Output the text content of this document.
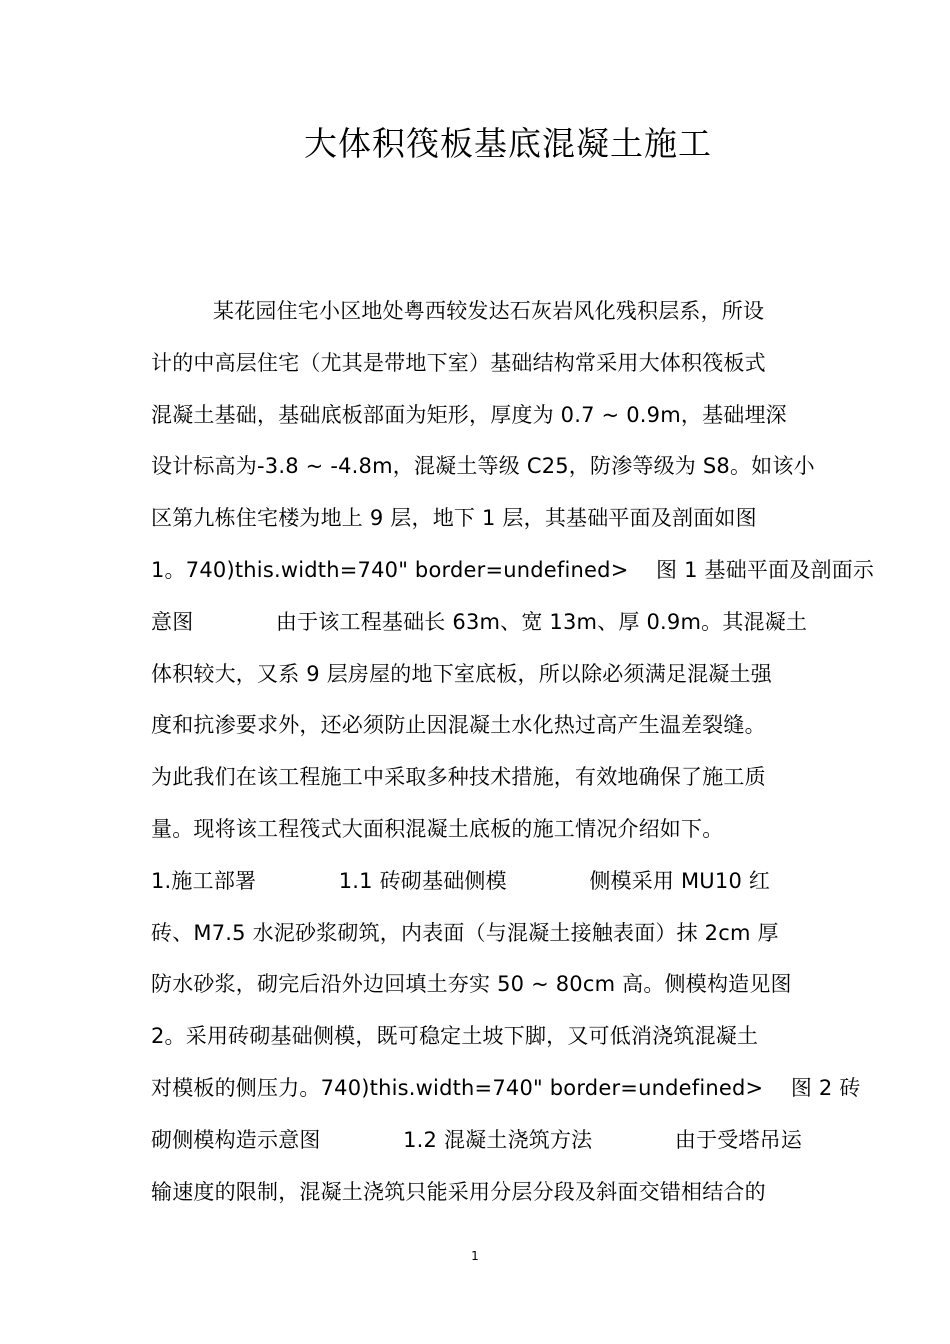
大体积筏板基底混凝土施工
某花园住宅小区地处粤西较发达石灰岩风化残积层系，所设
计的中高层住宅（尤其是带地下室）基础结构常采用大体积筏板式
混凝土基础，基础底板部面为矩形，厚度为 0.7 ~ 0.9m，基础埋深
设计标高为-3.8 ~ -4.8m，混凝土等级 C25，防渗等级为 S8。如该小
区第九栋住宅楼为地上 9 层，地下 1 层，其基础平面及剖面如图
1。740)this.width=740" border=undefined>    图 1 基础平面及剖面示
意图            由于该工程基础长 63m、宽 13m、厚 0.9m。其混凝土
体积较大，又系 9 层房屋的地下室底板，所以除必须满足混凝土强
度和抗渗要求外，还必须防止因混凝土水化热过高产生温差裂缝。
为此我们在该工程施工中采取多种技术措施，有效地确保了施工质
量。现将该工程筏式大面积混凝土底板的施工情况介绍如下。
1.施工部署            1.1 砖砌基础侧模            侧模采用 MU10 红
砖、M7.5 水泥砂浆砌筑，内表面（与混凝土接触表面）抹 2cm 厚
防水砂浆，砌完后沿外边回填土夯实 50 ~ 80cm 高。侧模构造见图
2。采用砖砌基础侧模，既可稳定土坡下脚，又可低消浇筑混凝土
对模板的侧压力。740)this.width=740" border=undefined>    图 2 砖
砌侧模构造示意图            1.2 混凝土浇筑方法            由于受塔吊运
输速度的限制，混凝土浇筑只能采用分层分段及斜面交错相结合的
1
